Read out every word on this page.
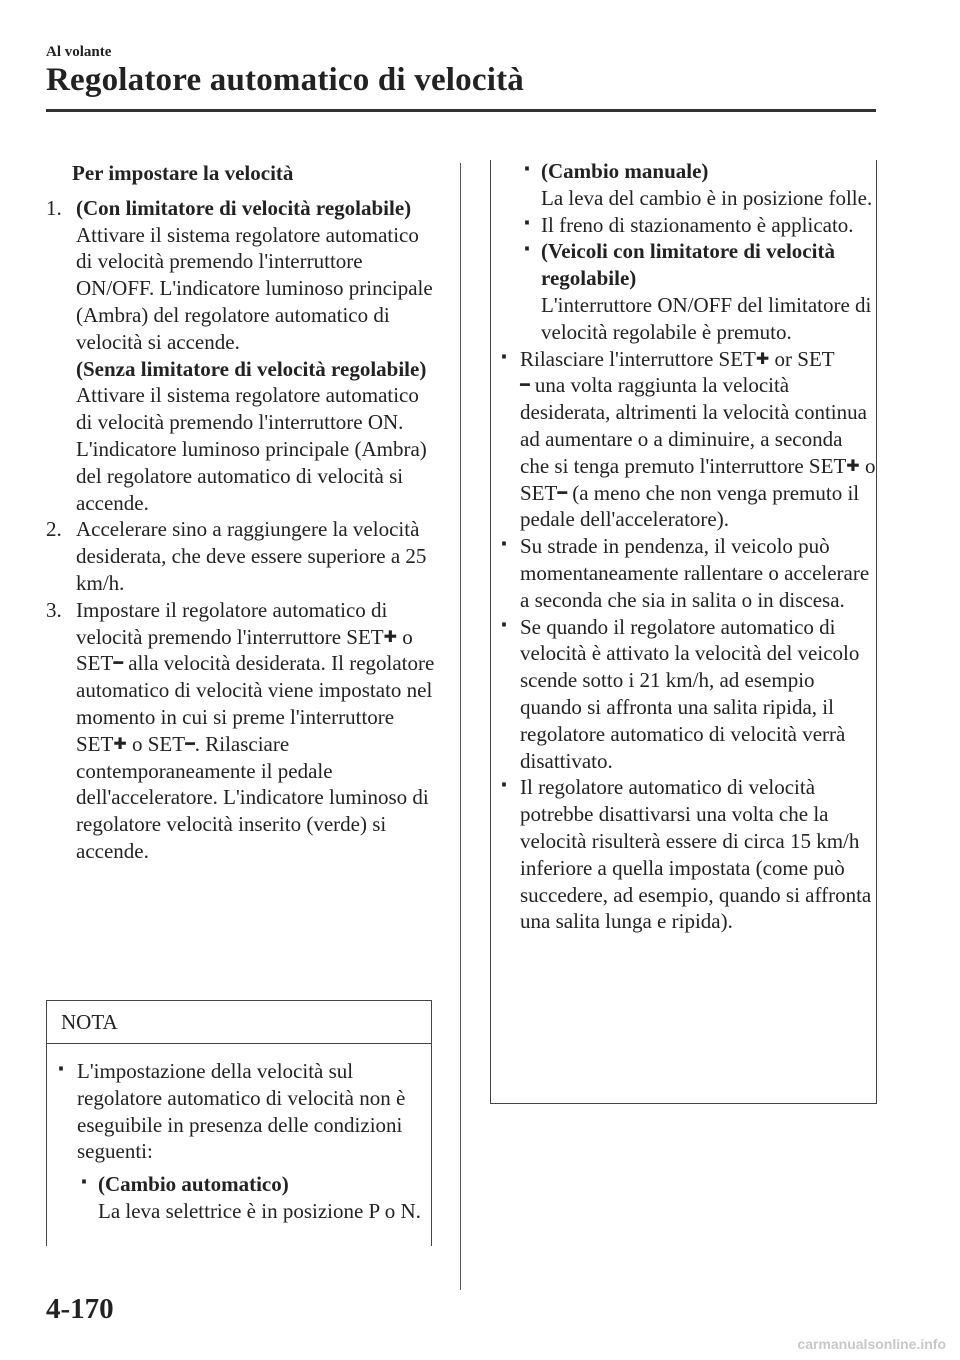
Al volante
Regolatore automatico di velocità
Per impostare la velocità
1. (Con limitatore di velocità regolabile)
Attivare il sistema regolatore automatico di velocità premendo l'interruttore ON/OFF. L'indicatore luminoso principale (Ambra) del regolatore automatico di velocità si accende.
(Senza limitatore di velocità regolabile)
Attivare il sistema regolatore automatico di velocità premendo l'interruttore ON. L'indicatore luminoso principale (Ambra) del regolatore automatico di velocità si accende.
2. Accelerare sino a raggiungere la velocità desiderata, che deve essere superiore a 25 km/h.
3. Impostare il regolatore automatico di velocità premendo l'interruttore SET✚ o SET━ alla velocità desiderata. Il regolatore automatico di velocità viene impostato nel momento in cui si preme l'interruttore SET✚ o SET━. Rilasciare contemporaneamente il pedale dell'acceleratore. L'indicatore luminoso di regolatore velocità inserito (verde) si accende.
NOTA
· L'impostazione della velocità sul regolatore automatico di velocità non è eseguibile in presenza delle condizioni seguenti:
· (Cambio automatico)
La leva selettrice è in posizione P o N.
· (Cambio manuale)
La leva del cambio è in posizione folle.
· Il freno di stazionamento è applicato.
· (Veicoli con limitatore di velocità regolabile)
L'interruttore ON/OFF del limitatore di velocità regolabile è premuto.
· Rilasciare l'interruttore SET✚ or SET
━ una volta raggiunta la velocità desiderata, altrimenti la velocità continua ad aumentare o a diminuire, a seconda che si tenga premuto l'interruttore SET✚ o SET━ (a meno che non venga premuto il pedale dell'acceleratore).
· Su strade in pendenza, il veicolo può momentaneamente rallentare o accelerare a seconda che sia in salita o in discesa.
· Se quando il regolatore automatico di velocità è attivato la velocità del veicolo scende sotto i 21 km/h, ad esempio quando si affronta una salita ripida, il regolatore automatico di velocità verrà disattivato.
· Il regolatore automatico di velocità potrebbe disattivarsi una volta che la velocità risulterà essere di circa 15 km/h inferiore a quella impostata (come può succedere, ad esempio, quando si affronta una salita lunga e ripida).
4-170
carmanualsonline.info
